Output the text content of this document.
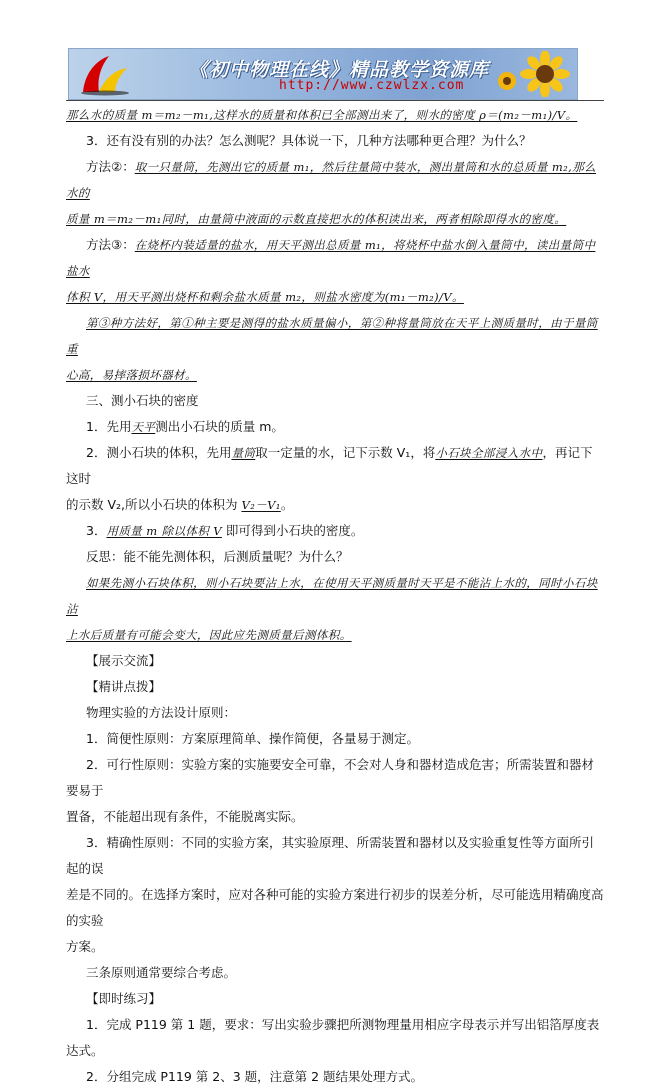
《初中物理在线》精品教学资源库
http://www.czwlzx.com

那么水的质量 m＝m₂－m₁,这样水的质量和体积已全部测出来了，则水的密度 ρ＝(m₂－m₁)/V。

3．还有没有别的办法？怎么测呢？具体说一下，几种方法哪种更合理？为什么？

方法②：取一只量筒，先测出它的质量 m₁，然后往量筒中装水，测出量筒和水的总质量 m₂,那么水的

质量 m＝m₂－m₁同时，由量筒中液面的示数直接把水的体积读出来，两者相除即得水的密度。

方法③：在烧杯内装适量的盐水，用天平测出总质量 m₁，将烧杯中盐水倒入量筒中，读出量筒中盐水

体积 V，用天平测出烧杯和剩余盐水质量 m₂，则盐水密度为(m₁－m₂)/V。

第③种方法好，第①种主要是测得的盐水质量偏小，第②种将量筒放在天平上测质量时，由于量筒重

心高，易摔落损坏器材。

三、测小石块的密度

1．先用天平测出小石块的质量 m。

2．测小石块的体积，先用量筒取一定量的水，记下示数 V₁，将小石块全部浸入水中，再记下这时

的示数 V₂,所以小石块的体积为 V₂－V₁。

3．用质量 m 除以体积 V 即可得到小石块的密度。

反思：能不能先测体积，后测质量呢？为什么？

如果先测小石块体积，则小石块要沾上水，在使用天平测质量时天平是不能沾上水的，同时小石块沾

上水后质量有可能会变大，因此应先测质量后测体积。

【展示交流】

【精讲点拨】

物理实验的方法设计原则：

1．简便性原则：方案原理简单、操作简便，各量易于测定。

2．可行性原则：实验方案的实施要安全可靠，不会对人身和器材造成危害；所需装置和器材要易于

置备，不能超出现有条件，不能脱离实际。

3．精确性原则：不同的实验方案，其实验原理、所需装置和器材以及实验重复性等方面所引起的误

差是不同的。在选择方案时，应对各种可能的实验方案进行初步的误差分析，尽可能选用精确度高的实验

方案。

三条原则通常要综合考虑。

【即时练习】

1．完成 P119 第 1 题，要求：写出实验步骤把所测物理量用相应字母表示并写出铝箔厚度表达式。

2．分组完成 P119 第 2、3 题，注意第 2 题结果处理方式。
